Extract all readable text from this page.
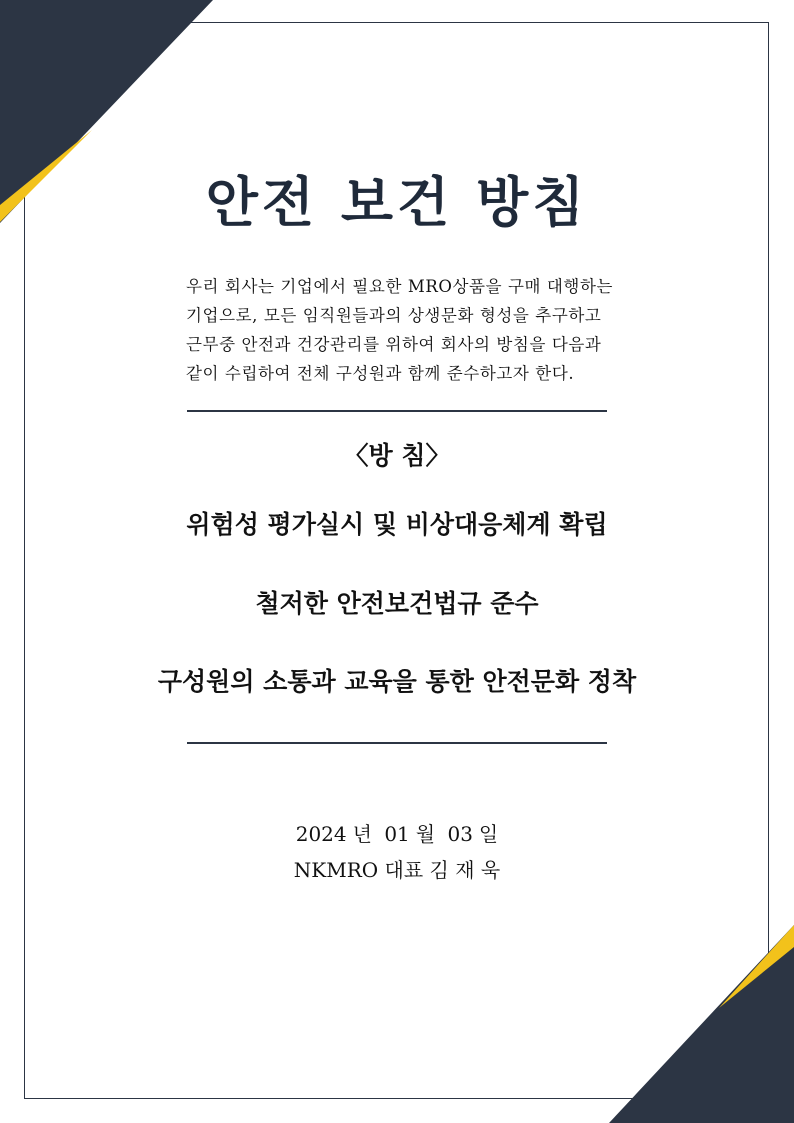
안전 보건 방침
우리 회사는 기업에서 필요한 MRO상품을 구매 대행하는
기업으로, 모든 임직원들과의 상생문화 형성을 추구하고
근무중 안전과 건강관리를 위하여 회사의 방침을 다음과
같이 수립하여 전체 구성원과 함께 준수하고자 한다.
〈방 침〉
위험성 평가실시 및 비상대응체계 확립
철저한 안전보건법규 준수
구성원의 소통과 교육을 통한 안전문화 정착
2024 년 01 월 03 일
NKMRO 대표 김 재 욱
